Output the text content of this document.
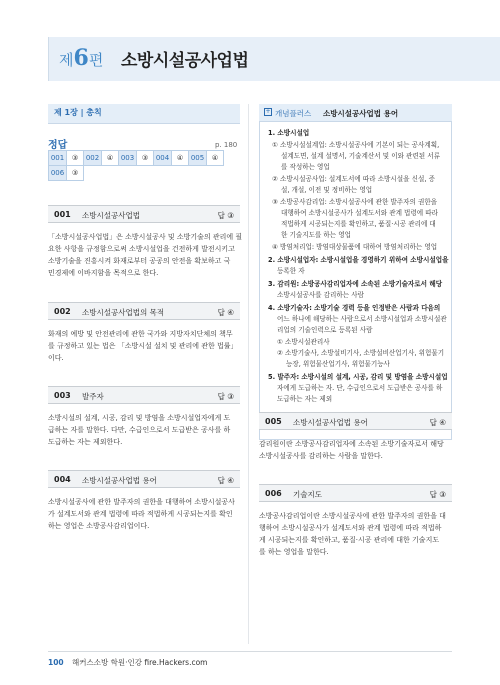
제6편 소방시설공사업법
제 1장 | 총칙
정답	p. 180
001	③	002	④	003	③	004	④	005	④
006	③								
001 소방시설공사업법	답 ③
「소방시설공사업법」은 소방시설공사 및 소방기술의 관리에 필
요한 사항을 규정함으로써 소방시설업을 건전하게 발전시키고
소방기술을 진흥시켜 화재로부터 공공의 안전을 확보하고 국
민경제에 이바지함을 목적으로 한다.
002 소방시설공사업법의 목적	답 ④
화재의 예방 및 안전관리에 관한 국가와 지방자치단체의 책무
를 규정하고 있는 법은 「소방시설 설치 및 관리에 관한 법률」
이다.
003 발주자	답 ③
소방시설의 설계, 시공, 감리 및 방염을 소방시설업자에게 도
급하는 자를 말한다. 다만, 수급인으로서 도급받은 공사를 하
도급하는 자는 제외한다.
004 소방시설공사업법 용어	답 ④
소방시설공사에 관한 발주자의 권한을 대행하여 소방시설공사
가 설계도서와 관계 법령에 따라 적법하게 시공되는지를 확인
하는 영업은 소방공사감리업이다.
+ 개념플러스 소방시설공사업법 용어
1. 소방시설업
① 소방시설설계업: 소방시설공사에 기본이 되는 공사계획,
설계도면, 설계 설명서, 기술계산서 및 이와 관련된 서류
를 작성하는 영업
② 소방시설공사업: 설계도서에 따라 소방시설을 신설, 증
설, 개설, 이전 및 정비하는 영업
③ 소방공사감리업: 소방시설공사에 관한 발주자의 권한을
대행하여 소방시설공사가 설계도서와 관계 법령에 따라
적법하게 시공되는지를 확인하고, 품질·시공 관리에 대
한 기술지도를 하는 영업
④ 방염처리업: 방염대상물품에 대하여 방염처리하는 영업
2. 소방시설업자: 소방시설업을 경영하기 위하여 소방시설업을
등록한 자
3. 감리원: 소방공사감리업자에 소속된 소방기술자로서 해당
소방시설공사를 감리하는 사람
4. 소방기술자: 소방기술 경력 등을 인정받은 사람과 다음의
어느 하나에 해당하는 사람으로서 소방시설업과 소방시설관
리업의 기술인력으로 등록된 사람
① 소방시설관리사
② 소방기술사, 소방설비기사, 소방설비산업기사, 위험물기
능장, 위험물산업기사, 위험물기능사
5. 발주자: 소방시설의 설계, 시공, 감리 및 방염을 소방시설업
자에게 도급하는 자. 단, 수급인으로서 도급받은 공사를 하
도급하는 자는 제외
005 소방시설공사업법 용어	답 ④
감리원이란 소방공사감리업자에 소속된 소방기술자로서 해당
소방시설공사를 감리하는 사람을 말한다.
006 기술지도	답 ③
소방공사감리업이란 소방시설공사에 관한 발주자의 권한을 대
행하여 소방시설공사가 설계도서와 관계 법령에 따라 적법하
게 시공되는지를 확인하고, 품질·시공 관리에 대한 기술지도
를 하는 영업을 말한다.
100 해커스소방 학원·인강 fire.Hackers.com
